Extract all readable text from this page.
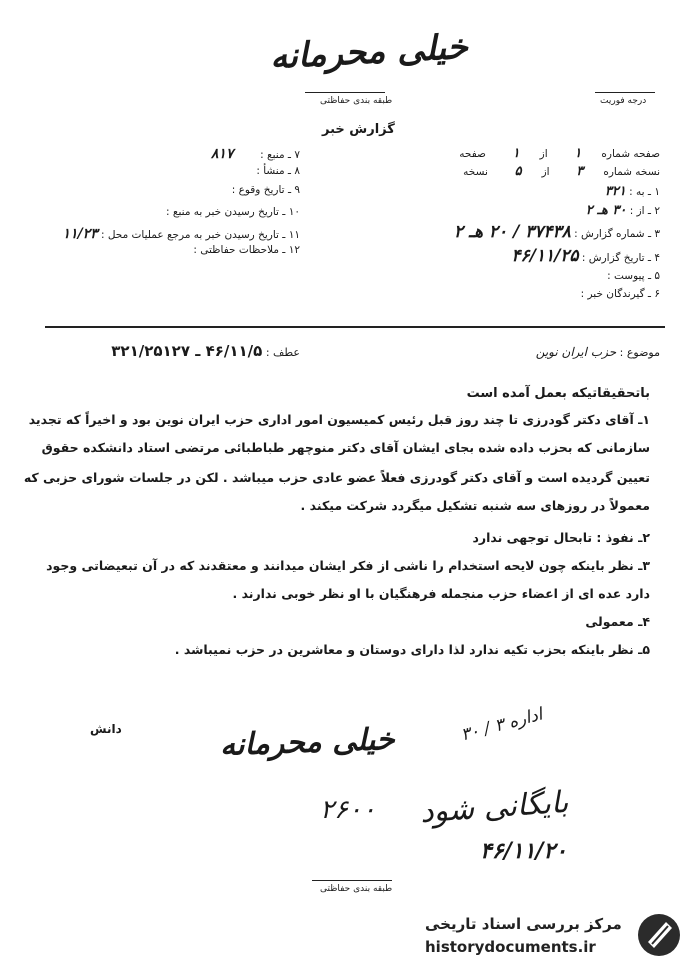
خیلی محرمانه
طبقه بندی حفاظتی	درجه فوریت
گزارش خبر
صفحه شماره      ۱        از      ۱        صفحه
نسخه شماره      ۳        از      ۵        نسخه
۱ ـ به : ۳۲۱
۲ ـ از : ۳۰ هـ ۲
۳ ـ شماره گزارش : ۳۷۴۳۸ / ۲۰ هـ ۲
۴ ـ تاریخ گزارش : ۴۶/۱۱/۲۵
۵ ـ پیوست :
۶ ـ گیرندگان خبر :
۷ ـ منبع :        ۸۱۷
۸ ـ منشأ :
۹ ـ تاریخ وقوع :
۱۰ ـ تاریخ رسیدن خبر به منبع :
۱۱ ـ تاریخ رسیدن خبر به مرجع عملیات محل : ۱۱/۲۳
۱۲ ـ ملاحظات حفاظتی :
موضوع : حزب ایران نوین
عطف : ۴۶/۱۱/۵ ـ ۳۲۱/۲۵۱۲۷
باتحقیقاتیکه بعمل آمده است
۱ـ آقای دکتر گودرزی تا چند روز قبل رئیس کمیسیون امور اداری حزب ایران نوین بود و اخیراً که تجدید
سازمانی که بحزب داده شده بجای ایشان آقای دکتر منوچهر طباطبائی مرتضی استاد دانشکده حقوق
تعیین گردیده است و آقای دکتر گودرزی فعلاً عضو عادی حزب میباشد . لکن در جلسات شورای حزبی که
معمولاً در روزهای سه شنبه تشکیل میگردد شرکت میکند .
۲ـ نفوذ : تابحال توجهی ندارد
۳ـ نظر باینکه چون لایحه استخدام را ناشی از فکر ایشان میدانند و معتقدند که در آن تبعیضاتی وجود
دارد عده ای از اعضاء حزب منجمله فرهنگیان با او نظر خوبی ندارند .
۴ـ معمولی
۵ـ نظر باینکه بحزب تکیه ندارد لذا دارای دوستان و معاشرین در حزب نمیباشد .
دانش	خیلی محرمانه	اداره ۳ / ۳۰
بایگانی شود
۲۶۰۰
۴۶/۱۱/۲۰
طبقه بندی حفاظتی
مرکز بررسی اسناد تاریخی
historydocuments.ir
